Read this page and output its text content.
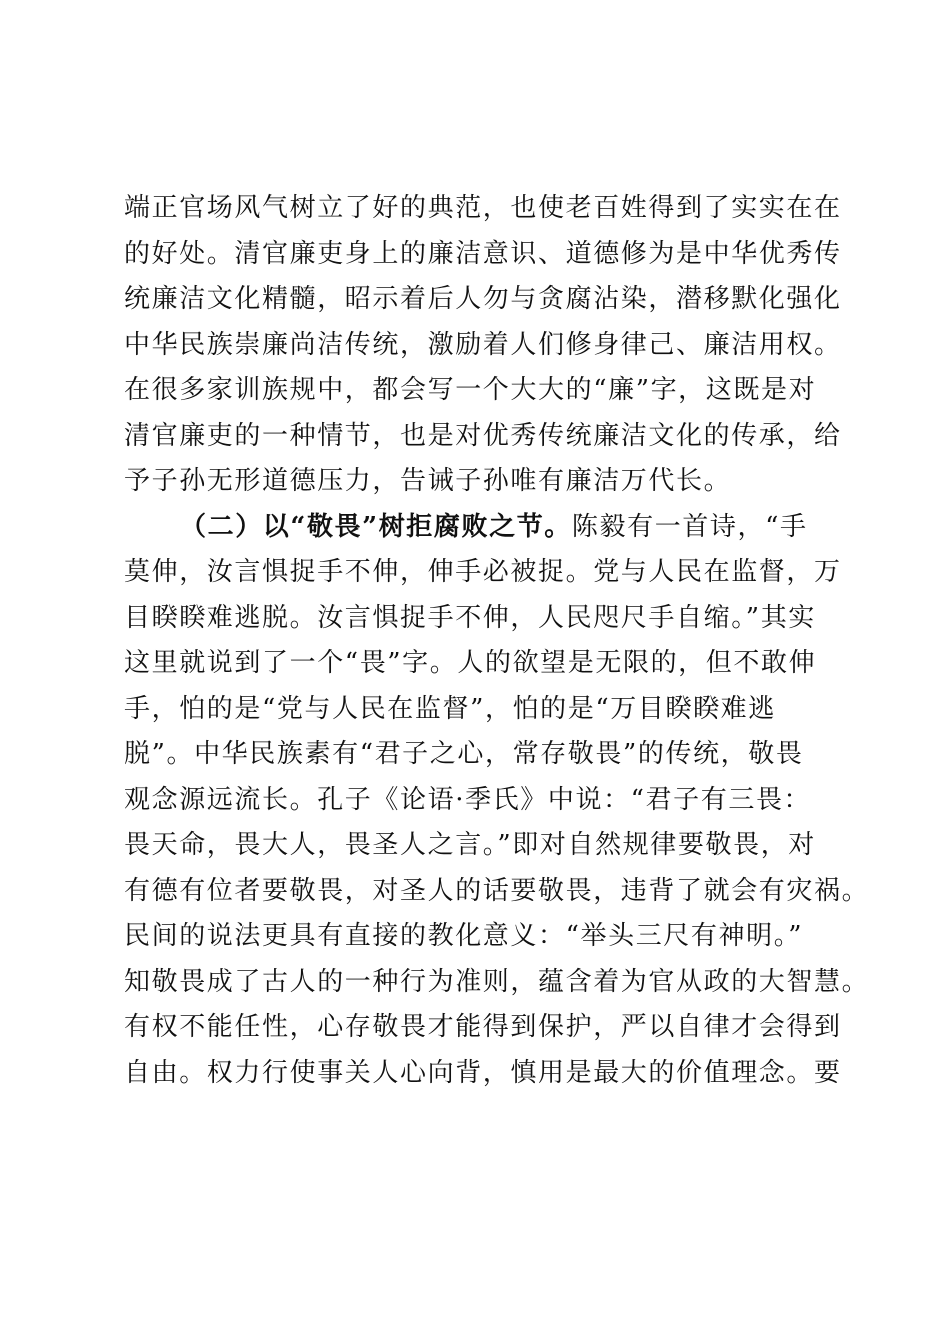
端正官场风气树立了好的典范，也使老百姓得到了实实在在
的好处。清官廉吏身上的廉洁意识、道德修为是中华优秀传
统廉洁文化精髓，昭示着后人勿与贪腐沾染，潜移默化强化
中华民族崇廉尚洁传统，激励着人们修身律己、廉洁用权。
在很多家训族规中，都会写一个大大的“廉”字，这既是对
清官廉吏的一种情节，也是对优秀传统廉洁文化的传承，给
予子孙无形道德压力，告诫子孙唯有廉洁万代长。
（二）以“敬畏”树拒腐败之节。陈毅有一首诗，“手
莫伸，汝言惧捉手不伸，伸手必被捉。党与人民在监督，万
目睽睽难逃脱。汝言惧捉手不伸，人民咫尺手自缩。”其实
这里就说到了一个“畏”字。人的欲望是无限的，但不敢伸
手，怕的是“党与人民在监督”，怕的是“万目睽睽难逃
脱”。中华民族素有“君子之心，常存敬畏”的传统，敬畏
观念源远流长。孔子《论语·季氏》中说：“君子有三畏：
畏天命，畏大人，畏圣人之言。”即对自然规律要敬畏，对
有德有位者要敬畏，对圣人的话要敬畏，违背了就会有灾祸。
民间的说法更具有直接的教化意义：“举头三尺有神明。”
知敬畏成了古人的一种行为准则，蕴含着为官从政的大智慧。
有权不能任性，心存敬畏才能得到保护，严以自律才会得到
自由。权力行使事关人心向背，慎用是最大的价值理念。要
